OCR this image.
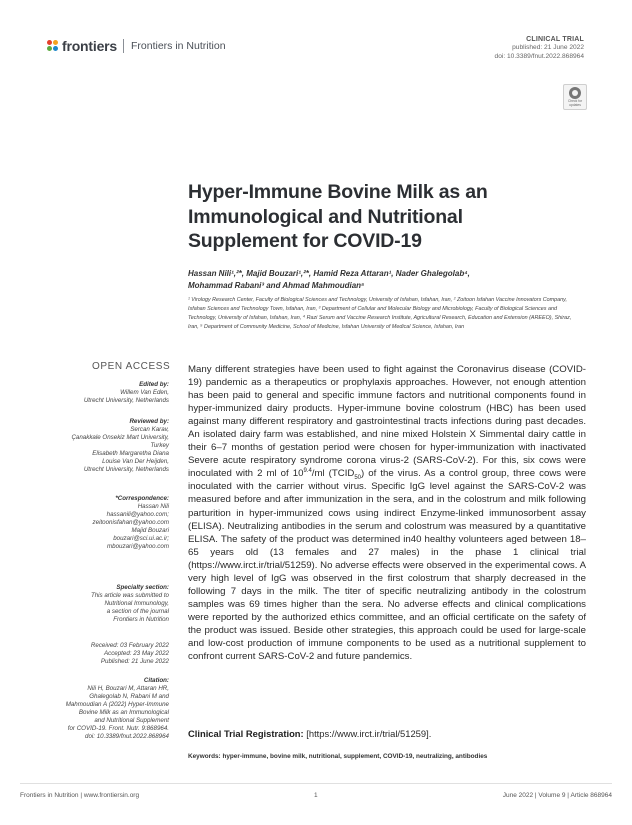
frontiers Frontiers in Nutrition
CLINICAL TRIAL
published: 21 June 2022
doi: 10.3389/fnut.2022.868964
Check for updates
Hyper-Immune Bovine Milk as an Immunological and Nutritional Supplement for COVID-19
Hassan Nili¹,²*, Majid Bouzari¹,²*, Hamid Reza Attaran¹, Nader Ghalegolab⁴,
Mohammad Rabani³ and Ahmad Mahmoudian⁵
¹ Virology Research Center, Faculty of Biological Sciences and Technology, University of Isfahan, Isfahan, Iran, ² Zoitoon Isfahan Vaccine Innovators Company, Isfahan Sciences and Technology Town, Isfahan, Iran, ³ Department of Cellular and Molecular Biology and Microbiology, Faculty of Biological Sciences and Technology, University of Isfahan, Isfahan, Iran, ⁴ Razi Serum and Vaccine Research Institute, Agricultural Research, Education and Extension (AREEO), Shiraz, Iran, ⁵ Department of Community Medicine, School of Medicine, Isfahan University of Medical Science, Isfahan, Iran
OPEN ACCESS
Edited by:
Willem Van Eden,
Utrecht University, Netherlands
Reviewed by:
Sercan Karav,
Çanakkale Onsekiz Mart University,
Turkey
Elisabeth Margaretha Diana
Louise Van Der Heijden,
Utrecht University, Netherlands
*Correspondence:
Hassan Nili
hassanili@yahoo.com;
zeitoonisfahan@yahoo.com
Majid Bouzari
bouzari@sci.ui.ac.ir;
mbouzari@yahoo.com
Specialty section:
This article was submitted to
Nutritional Immunology,
a section of the journal
Frontiers in Nutrition
Received: 03 February 2022
Accepted: 23 May 2022
Published: 21 June 2022
Citation:
Nili H, Bouzari M, Attaran HR,
Ghalegolab N, Rabani M and
Mahmoudian A (2022) Hyper-Immune
Bovine Milk as an Immunological
and Nutritional Supplement
for COVID-19. Front. Nutr. 9:868964.
doi: 10.3389/fnut.2022.868964
Many different strategies have been used to fight against the Coronavirus disease (COVID-19) pandemic as a therapeutics or prophylaxis approaches. However, not enough attention has been paid to general and specific immune factors and nutritional components found in hyper-immunized dairy products. Hyper-immune bovine colostrum (HBC) has been used against many different respiratory and gastrointestinal tracts infections during past decades. An isolated dairy farm was established, and nine mixed Holstein X Simmental dairy cattle in their 6–7 months of gestation period were chosen for hyper-immunization with inactivated Severe acute respiratory syndrome corona virus-2 (SARS-CoV-2). For this, six cows were inoculated with 2 ml of $10^{9.4}/ml$ $(TCID_{50})$ of the virus. As a control group, three cows were inoculated with the carrier without virus. Specific IgG level against the SARS-CoV-2 was measured before and after immunization in the sera, and in the colostrum and milk following parturition in hyper-immunized cows using indirect Enzyme-linked immunosorbent assay (ELISA). Neutralizing antibodies in the serum and colostrum was measured by a quantitative ELISA. The safety of the product was determined in40 healthy volunteers aged between 18–65 years old (13 females and 27 males) in the phase 1 clinical trial (https://www.irct.ir/trial/51259). No adverse effects were observed in the experimental cows. A very high level of IgG was observed in the first colostrum that sharply decreased in the following 7 days in the milk. The titer of specific neutralizing antibody in the colostrum samples was 69 times higher than the sera. No adverse effects and clinical complications were reported by the authorized ethics committee, and an official certificate on the safety of the product was issued. Beside other strategies, this approach could be used for large-scale and low-cost production of immune components to be used as a nutritional supplement to confront current SARS-CoV-2 and future pandemics.
Clinical Trial Registration: [https://www.irct.ir/trial/51259].
Keywords: hyper-immune, bovine milk, nutritional, supplement, COVID-19, neutralizing, antibodies
Frontiers in Nutrition | www.frontiersin.org	1	June 2022 | Volume 9 | Article 868964
